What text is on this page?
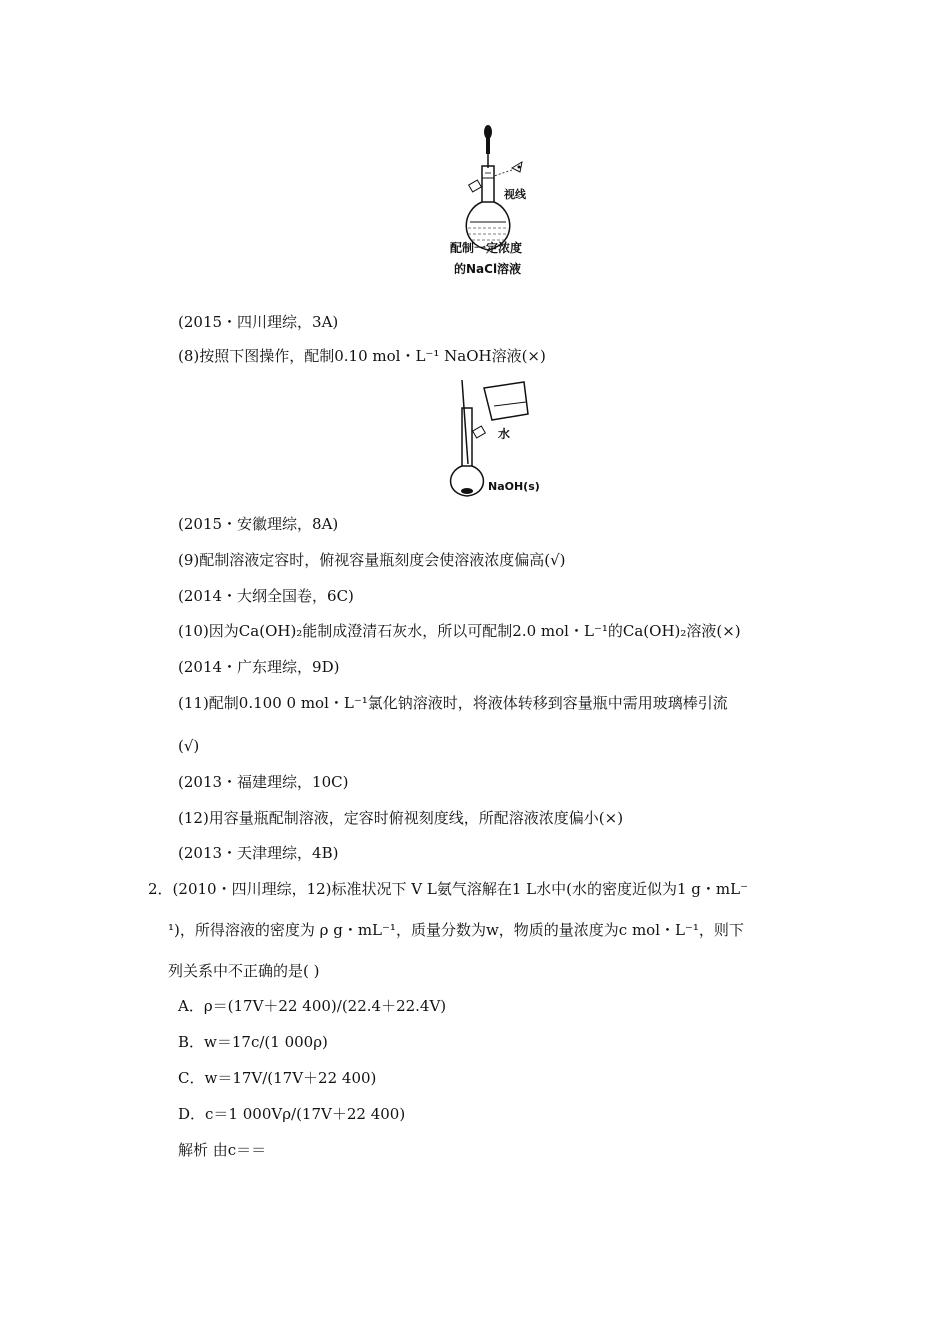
视线
配制一定浓度
的NaCl溶液
(2015・四川理综，3A)
(8)按照下图操作，配制0.10 mol・L⁻¹ NaOH溶液(×)
水
NaOH(s)
(2015・安徽理综，8A)
(9)配制溶液定容时，俯视容量瓶刻度会使溶液浓度偏高(√)
(2014・大纲全国卷，6C)
(10)因为Ca(OH)₂能制成澄清石灰水，所以可配制2.0 mol・L⁻¹的Ca(OH)₂溶液(×)
(2014・广东理综，9D)
(11)配制0.100 0 mol・L⁻¹氯化钠溶液时，将液体转移到容量瓶中需用玻璃棒引流
(√)
(2013・福建理综，10C)
(12)用容量瓶配制溶液，定容时俯视刻度线，所配溶液浓度偏小(×)
(2013・天津理综，4B)
2．(2010・四川理综，12)标准状况下 V L氨气溶解在1 L水中(水的密度近似为1 g・mL⁻
¹)，所得溶液的密度为 ρ g・mL⁻¹，质量分数为w，物质的量浓度为c mol・L⁻¹，则下
列关系中不正确的是( )
A．ρ＝(17V＋22 400)/(22.4＋22.4V)
B．w＝17c/(1 000ρ)
C．w＝17V/(17V＋22 400)
D．c＝1 000Vρ/(17V＋22 400)
解析 由c＝＝
